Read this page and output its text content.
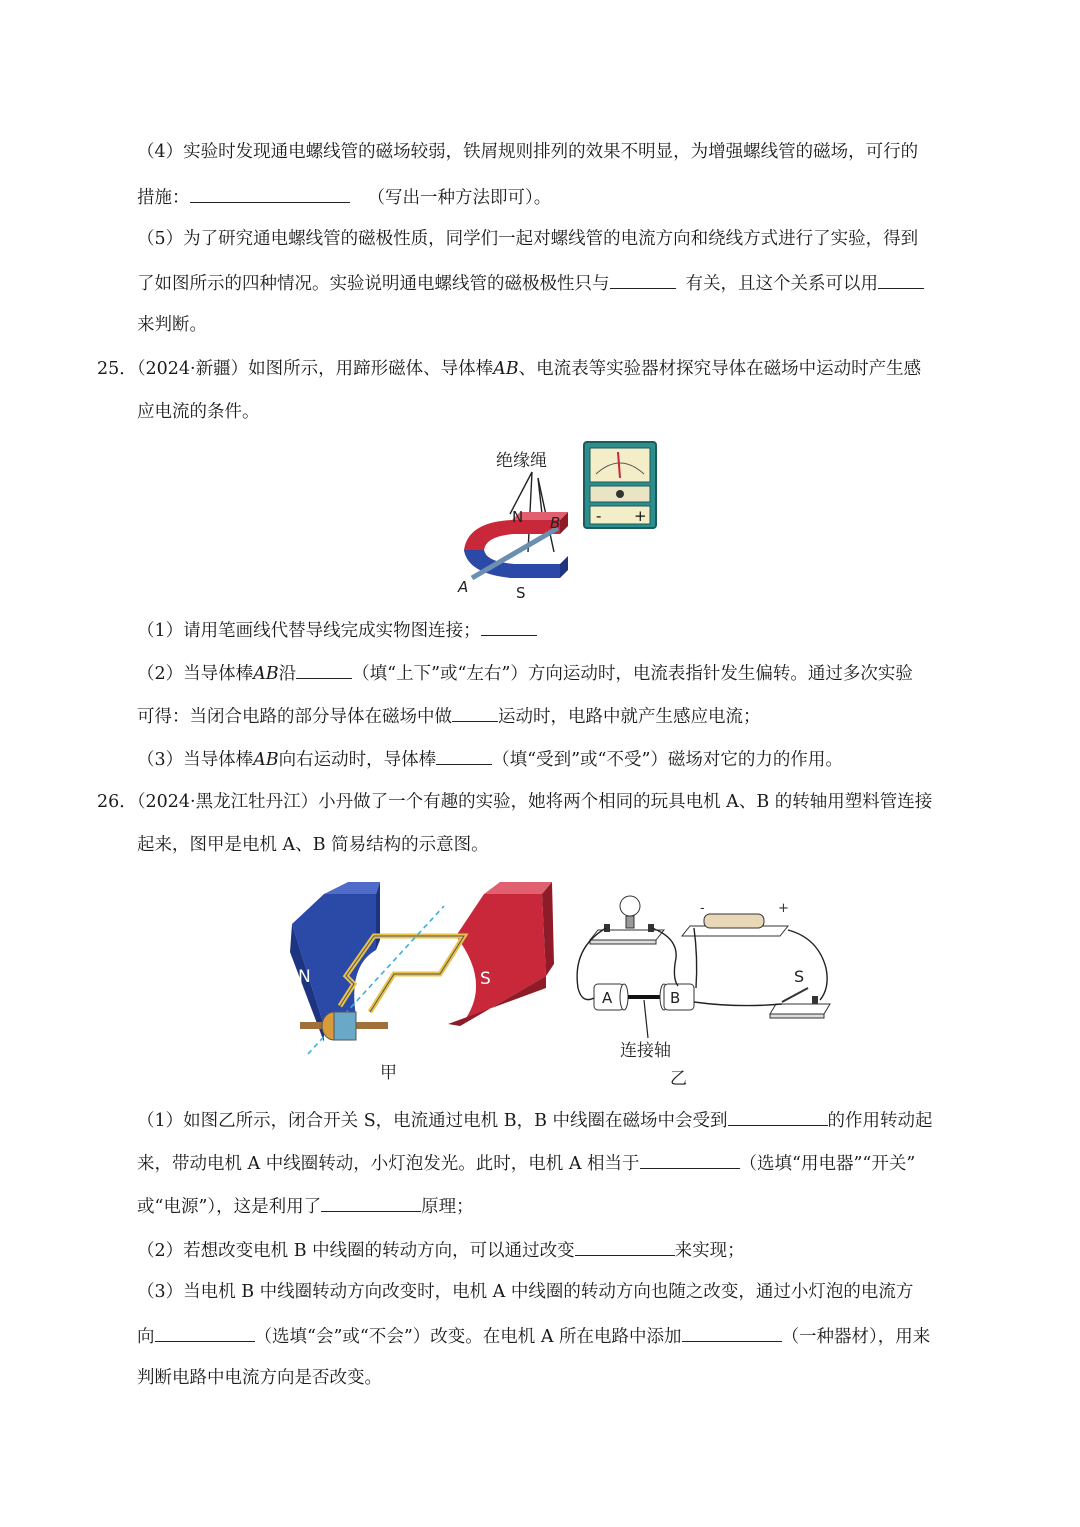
（4）实验时发现通电螺线管的磁场较弱，铁屑规则排列的效果不明显，为增强螺线管的磁场，可行的
措施：	（写出一种方法即可）。
（5）为了研究通电螺线管的磁极性质，同学们一起对螺线管的电流方向和绕线方式进行了实验，得到
了如图所示的四种情况。实验说明通电螺线管的磁极极性只与	有关，且这个关系可以用
来判断。
25．（2024·新疆）如图所示，用蹄形磁体、导体棒AB、电流表等实验器材探究导体在磁场中运动时产生感
应电流的条件。
绝缘绳
N
S
A
B - +
（1）请用笔画线代替导线完成实物图连接；
（2）当导体棒AB沿	（填“上下”或“左右”）方向运动时，电流表指针发生偏转。通过多次实验
可得：当闭合电路的部分导体在磁场中做	运动时，电路中就产生感应电流；
（3）当导体棒AB向右运动时，导体棒	（填“受到”或“不受”）磁场对它的力的作用。
26．（2024·黑龙江牡丹江）小丹做了一个有趣的实验，她将两个相同的玩具电机 A、B 的转轴用塑料管连接
起来，图甲是电机 A、B 简易结构的示意图。
N	S
甲
-	+
A	B
S
连接轴
乙
（1）如图乙所示，闭合开关 S，电流通过电机 B，B 中线圈在磁场中会受到	的作用转动起
来，带动电机 A 中线圈转动，小灯泡发光。此时，电机 A 相当于	（选填“用电器”“开关”
或“电源”），这是利用了	原理；
（2）若想改变电机 B 中线圈的转动方向，可以通过改变	来实现；
（3）当电机 B 中线圈转动方向改变时，电机 A 中线圈的转动方向也随之改变，通过小灯泡的电流方
向	（选填“会”或“不会”）改变。在电机 A 所在电路中添加	（一种器材），用来
判断电路中电流方向是否改变。
